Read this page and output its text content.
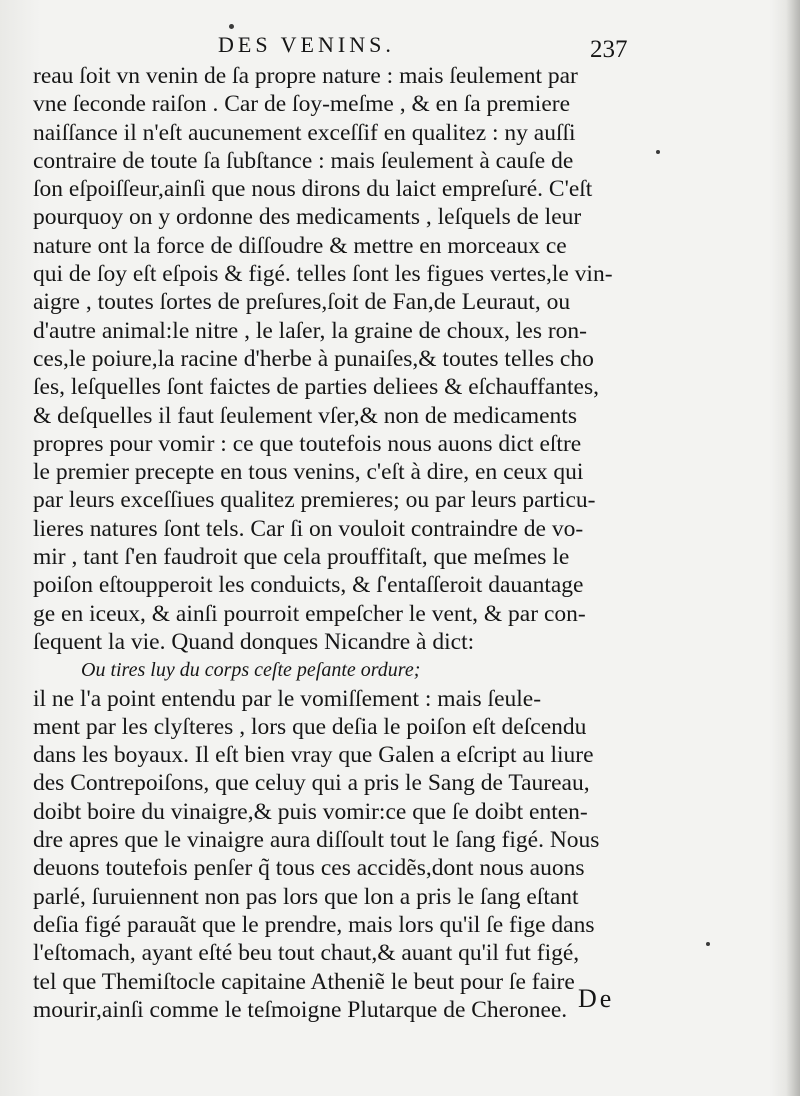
DES VENINS.	237
reau ſoit vn venin de ſa propre nature : mais ſeulement par
vne ſeconde raiſon . Car de ſoy-meſme , & en ſa premiere
naiſſance il n'eſt aucunement exceſſif en qualitez : ny auſſi
contraire de toute ſa ſubſtance : mais ſeulement à cauſe de
ſon eſpoiſſeur,ainſi que nous dirons du laict empreſuré. C'eſt
pourquoy on y ordonne des medicaments , leſquels de leur
nature ont la force de diſſoudre & mettre en morceaux ce
qui de ſoy eſt eſpois & figé. telles ſont les figues vertes,le vin-
aigre , toutes ſortes de preſures,ſoit de Fan,de Leuraut, ou
d'autre animal:le nitre , le laſer, la graine de choux, les ron-
ces,le poiure,la racine d'herbe à punaiſes,& toutes telles cho
ſes, leſquelles ſont faictes de parties deliees & eſchauffantes,
& deſquelles il faut ſeulement vſer,& non de medicaments
propres pour vomir : ce que toutefois nous auons dict eſtre
le premier precepte en tous venins, c'eſt à dire, en ceux qui
par leurs exceſſiues qualitez premieres; ou par leurs particu-
lieres natures ſont tels. Car ſi on vouloit contraindre de vo-
mir , tant ſ'en faudroit que cela prouffitaſt, que meſmes le
poiſon eſtoupperoit les conduicts, & ſ'entaſſeroit dauantage
ge en iceux, & ainſi pourroit empeſcher le vent, & par con-
ſequent la vie. Quand donques Nicandre à dict:
Ou tires luy du corps ceſte peſante ordure;
il ne l'a point entendu par le vomiſſement : mais ſeule-
ment par les clyſteres , lors que deſia le poiſon eſt deſcendu
dans les boyaux. Il eſt bien vray que Galen a eſcript au liure
des Contrepoiſons, que celuy qui a pris le Sang de Taureau,
doibt boire du vinaigre,& puis vomir:ce que ſe doibt enten-
dre apres que le vinaigre aura diſſoult tout le ſang figé. Nous
deuons toutefois penſer q̃ tous ces accidẽs,dont nous auons
parlé, ſuruiennent non pas lors que lon a pris le ſang eſtant
deſia figé parauãt que le prendre, mais lors qu'il ſe fige dans
l'eſtomach, ayant eſté beu tout chaut,& auant qu'il fut figé,
tel que Themiſtocle capitaine Atheniẽ le beut pour ſe faire
mourir,ainſi comme le teſmoigne Plutarque de Cheronee. De
